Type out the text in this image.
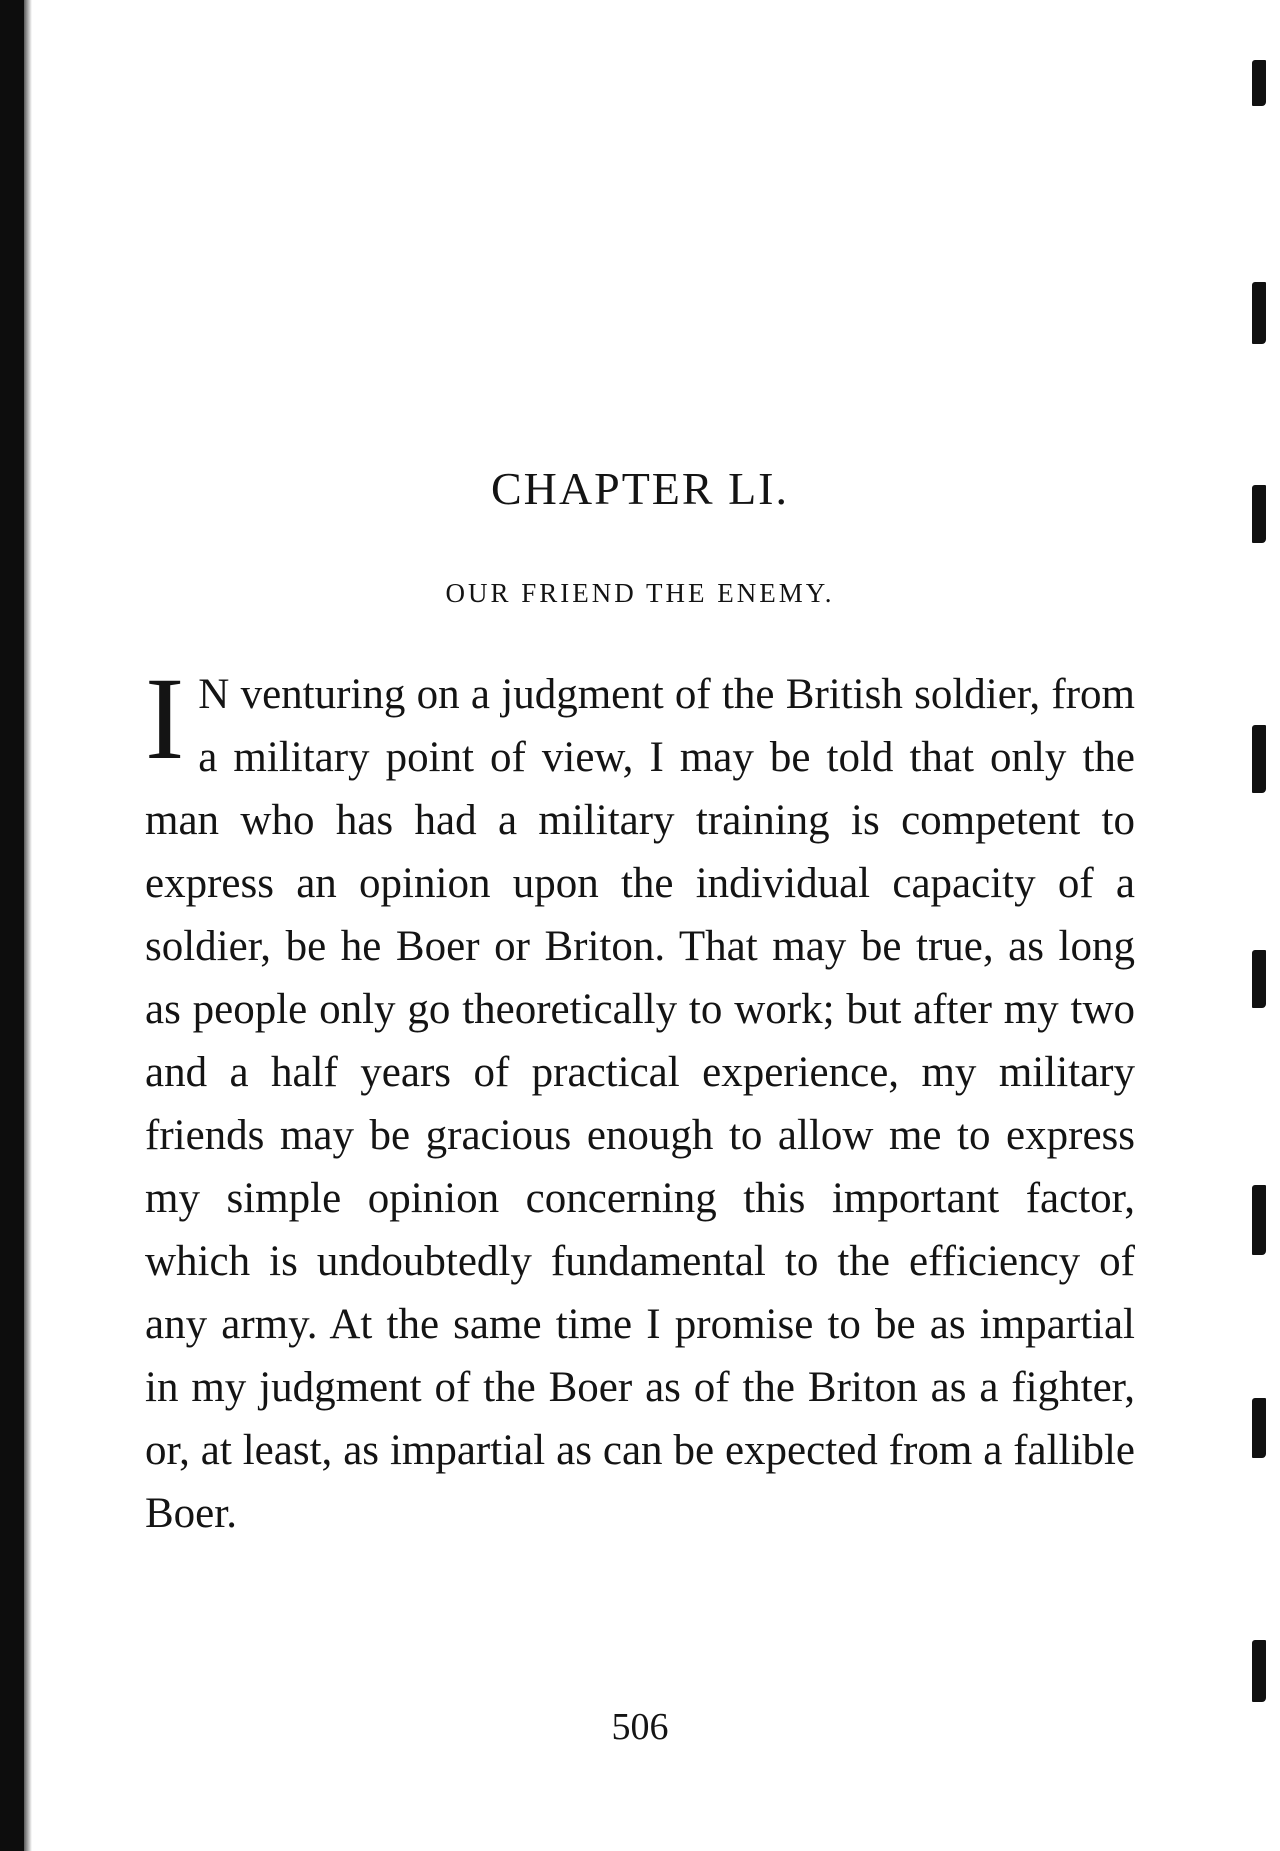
CHAPTER LI.
OUR FRIEND THE ENEMY.

I N venturing on a judgment of the British soldier, from a military point of view, I may be told that only the man who has had a military training is competent to express an opinion upon the individual capacity of a soldier, be he Boer or Briton. That may be true, as long as people only go theoretically to work; but after my two and a half years of practical experience, my military friends may be gracious enough to allow me to express my simple opinion concerning this important factor, which is undoubtedly fundamental to the efficiency of any army. At the same time I promise to be as impartial in my judgment of the Boer as of the Briton as a fighter, or, at least, as impartial as can be expected from a fallible Boer.

506
